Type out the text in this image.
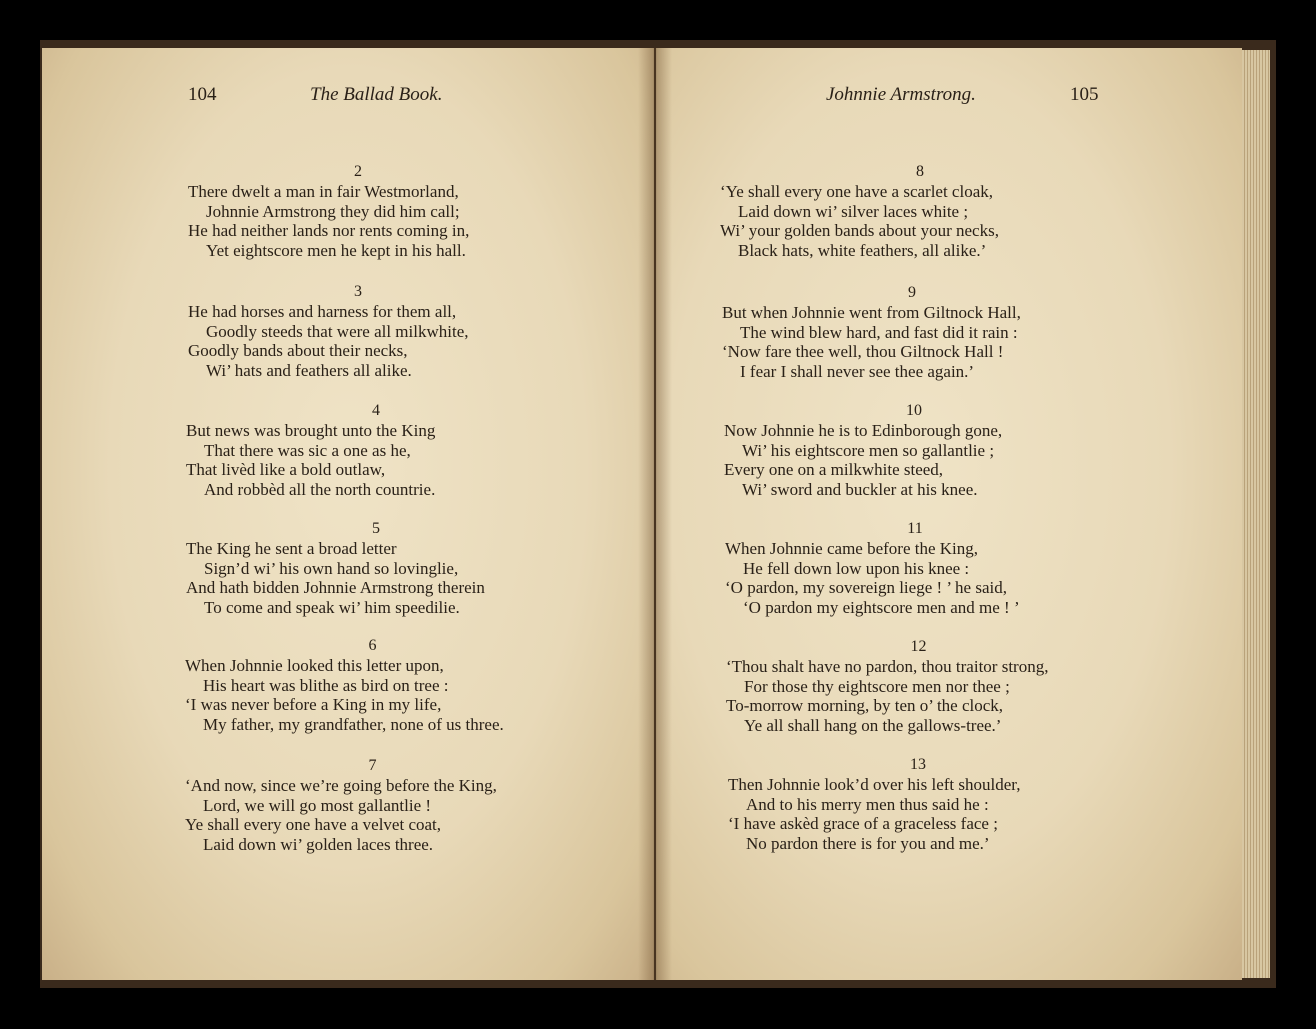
104	The Ballad Book.	Johnnie Armstrong.	105
2
There dwelt a man in fair Westmorland,
Johnnie Armstrong they did him call;
He had neither lands nor rents coming in,
Yet eightscore men he kept in his hall.
3
He had horses and harness for them all,
Goodly steeds that were all milkwhite,
Goodly bands about their necks,
Wi’ hats and feathers all alike.
4
But news was brought unto the King
That there was sic a one as he,
That livèd like a bold outlaw,
And robbèd all the north countrie.
5
The King he sent a broad letter
Sign’d wi’ his own hand so lovinglie,
And hath bidden Johnnie Armstrong therein
To come and speak wi’ him speedilie.
6
When Johnnie looked this letter upon,
His heart was blithe as bird on tree :
‘I was never before a King in my life,
My father, my grandfather, none of us three.
7
‘And now, since we’re going before the King,
Lord, we will go most gallantlie !
Ye shall every one have a velvet coat,
Laid down wi’ golden laces three.
8
‘Ye shall every one have a scarlet cloak,
Laid down wi’ silver laces white ;
Wi’ your golden bands about your necks,
Black hats, white feathers, all alike.’
9
But when Johnnie went from Giltnock Hall,
The wind blew hard, and fast did it rain :
‘Now fare thee well, thou Giltnock Hall !
I fear I shall never see thee again.’
10
Now Johnnie he is to Edinborough gone,
Wi’ his eightscore men so gallantlie ;
Every one on a milkwhite steed,
Wi’ sword and buckler at his knee.
11
When Johnnie came before the King,
He fell down low upon his knee :
‘O pardon, my sovereign liege ! ’ he said,
‘O pardon my eightscore men and me ! ’
12
‘Thou shalt have no pardon, thou traitor strong,
For those thy eightscore men nor thee ;
To-morrow morning, by ten o’ the clock,
Ye all shall hang on the gallows-tree.’
13
Then Johnnie look’d over his left shoulder,
And to his merry men thus said he :
‘I have askèd grace of a graceless face ;
No pardon there is for you and me.’
